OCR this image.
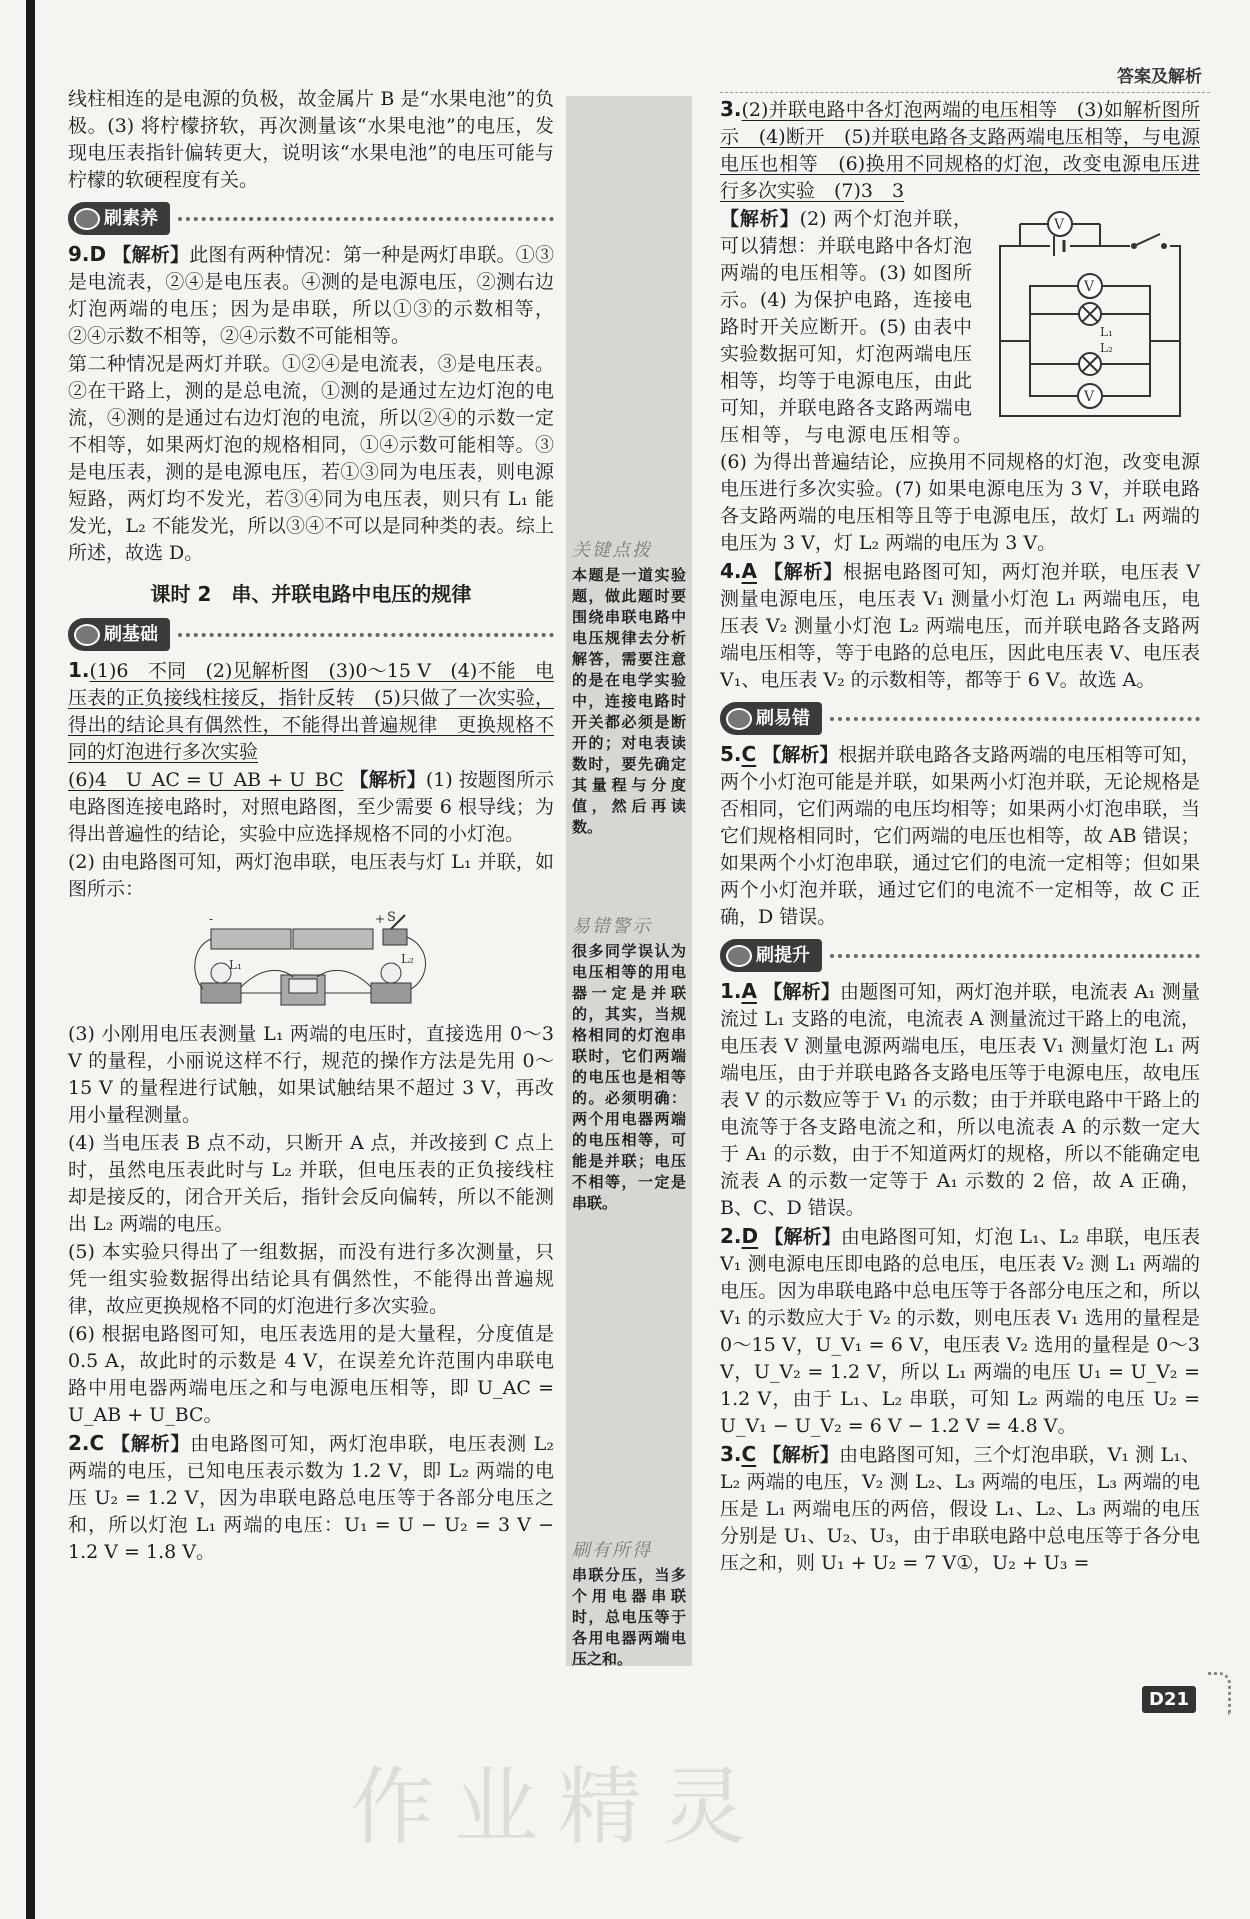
答案及解析

线柱相连的是电源的负极，故金属片 B 是“水果电池”的负极。(3) 将柠檬挤软，再次测量该“水果电池”的电压，发现电压表指针偏转更大，说明该“水果电池”的电压可能与柠檬的软硬程度有关。

刷素养

9.D 【解析】此图有两种情况：第一种是两灯串联。①③是电流表，②④是电压表。④测的是电源电压，②测右边灯泡两端的电压；因为是串联，所以①③的示数相等，②④示数不相等，②④示数不可能相等。

第二种情况是两灯并联。①②④是电流表，③是电压表。②在干路上，测的是总电流，①测的是通过左边灯泡的电流，④测的是通过右边灯泡的电流，所以②④的示数一定不相等，如果两灯泡的规格相同，①④示数可能相等。③是电压表，测的是电源电压，若①③同为电压表，则电源短路，两灯均不发光，若③④同为电压表，则只有 L₁ 能发光，L₂ 不能发光，所以③④不可以是同种类的表。综上所述，故选 D。

课时 2　串、并联电路中电压的规律
刷基础

1.(1)6　不同　(2)见解析图　(3)0～15 V　(4)不能　电压表的正负接线柱接反，指针反转　(5)只做了一次实验，得出的结论具有偶然性，不能得出普遍规律　更换规格不同的灯泡进行多次实验

(6)4　U_AC = U_AB + U_BC 【解析】(1) 按题图所示电路图连接电路时，对照电路图，至少需要 6 根导线；为得出普遍性的结论，实验中应选择规格不同的小灯泡。

(2) 由电路图可知，两灯泡串联，电压表与灯 L₁ 并联，如图所示：

-	+ S
L₁	L₂

(3) 小刚用电压表测量 L₁ 两端的电压时，直接选用 0～3 V 的量程，小丽说这样不行，规范的操作方法是先用 0～15 V 的量程进行试触，如果试触结果不超过 3 V，再改用小量程测量。

(4) 当电压表 B 点不动，只断开 A 点，并改接到 C 点上时，虽然电压表此时与 L₂ 并联，但电压表的正负接线柱却是接反的，闭合开关后，指针会反向偏转，所以不能测出 L₂ 两端的电压。

(5) 本实验只得出了一组数据，而没有进行多次测量，只凭一组实验数据得出结论具有偶然性，不能得出普遍规律，故应更换规格不同的灯泡进行多次实验。

(6) 根据电路图可知，电压表选用的是大量程，分度值是 0.5 A，故此时的示数是 4 V，在误差允许范围内串联电路中用电器两端电压之和与电源电压相等，即 U_AC = U_AB + U_BC。

2.C 【解析】由电路图可知，两灯泡串联，电压表测 L₂ 两端的电压，已知电压表示数为 1.2 V，即 L₂ 两端的电压 U₂ = 1.2 V，因为串联电路总电压等于各部分电压之和，所以灯泡 L₁ 两端的电压：U₁ = U − U₂ = 3 V − 1.2 V = 1.8 V。

关键点拨
本题是一道实验题，做此题时要围绕串联电路中电压规律去分析解答，需要注意的是在电学实验中，连接电路时开关都必须是断开的；对电表读数时，要先确定其量程与分度值，然后再读数。
易错警示
很多同学误认为电压相等的用电器一定是并联的，其实，当规格相同的灯泡串联时，它们两端的电压也是相等的。必须明确：两个用电器两端的电压相等，可能是并联；电压不相等，一定是串联。
刷有所得
串联分压，当多个用电器串联时，总电压等于各用电器两端电压之和。

3.(2)并联电路中各灯泡两端的电压相等　(3)如解析图所示　(4)断开　(5)并联电路各支路两端电压相等，与电源电压也相等　(6)换用不同规格的灯泡，改变电源电压进行多次实验　(7)3　3

V
V
L₁
L₂
V

【解析】(2) 两个灯泡并联，可以猜想：并联电路中各灯泡两端的电压相等。(3) 如图所示。(4) 为保护电路，连接电路时开关应断开。(5) 由表中实验数据可知，灯泡两端电压相等，均等于电源电压，由此可知，并联电路各支路两端电压相等，与电源电压相等。(6) 为得出普遍结论，应换用不同规格的灯泡，改变电源电压进行多次实验。(7) 如果电源电压为 3 V，并联电路各支路两端的电压相等且等于电源电压，故灯 L₁ 两端的电压为 3 V，灯 L₂ 两端的电压为 3 V。

4.A 【解析】根据电路图可知，两灯泡并联，电压表 V 测量电源电压，电压表 V₁ 测量小灯泡 L₁ 两端电压，电压表 V₂ 测量小灯泡 L₂ 两端电压，而并联电路各支路两端电压相等，等于电路的总电压，因此电压表 V、电压表 V₁、电压表 V₂ 的示数相等，都等于 6 V。故选 A。

刷易错

5.C 【解析】根据并联电路各支路两端的电压相等可知，两个小灯泡可能是并联，如果两小灯泡并联，无论规格是否相同，它们两端的电压均相等；如果两小灯泡串联，当它们规格相同时，它们两端的电压也相等，故 AB 错误；如果两个小灯泡串联，通过它们的电流一定相等；但如果两个小灯泡并联，通过它们的电流不一定相等，故 C 正确，D 错误。

刷提升

1.A 【解析】由题图可知，两灯泡并联，电流表 A₁ 测量流过 L₁ 支路的电流，电流表 A 测量流过干路上的电流，电压表 V 测量电源两端电压，电压表 V₁ 测量灯泡 L₁ 两端电压，由于并联电路各支路电压等于电源电压，故电压表 V 的示数应等于 V₁ 的示数；由于并联电路中干路上的电流等于各支路电流之和，所以电流表 A 的示数一定大于 A₁ 的示数，由于不知道两灯的规格，所以不能确定电流表 A 的示数一定等于 A₁ 示数的 2 倍，故 A 正确，B、C、D 错误。

2.D 【解析】由电路图可知，灯泡 L₁、L₂ 串联，电压表 V₁ 测电源电压即电路的总电压，电压表 V₂ 测 L₁ 两端的电压。因为串联电路中总电压等于各部分电压之和，所以 V₁ 的示数应大于 V₂ 的示数，则电压表 V₁ 选用的量程是 0～15 V，U_V₁ = 6 V，电压表 V₂ 选用的量程是 0～3 V，U_V₂ = 1.2 V，所以 L₁ 两端的电压 U₁ = U_V₂ = 1.2 V，由于 L₁、L₂ 串联，可知 L₂ 两端的电压 U₂ = U_V₁ − U_V₂ = 6 V − 1.2 V = 4.8 V。

3.C 【解析】由电路图可知，三个灯泡串联，V₁ 测 L₁、L₂ 两端的电压，V₂ 测 L₂、L₃ 两端的电压，L₃ 两端的电压是 L₁ 两端电压的两倍，假设 L₁、L₂、L₃ 两端的电压分别是 U₁、U₂、U₃，由于串联电路中总电压等于各分电压之和，则 U₁ + U₂ = 7 V①，U₂ + U₃ =

D21
作业精灵
